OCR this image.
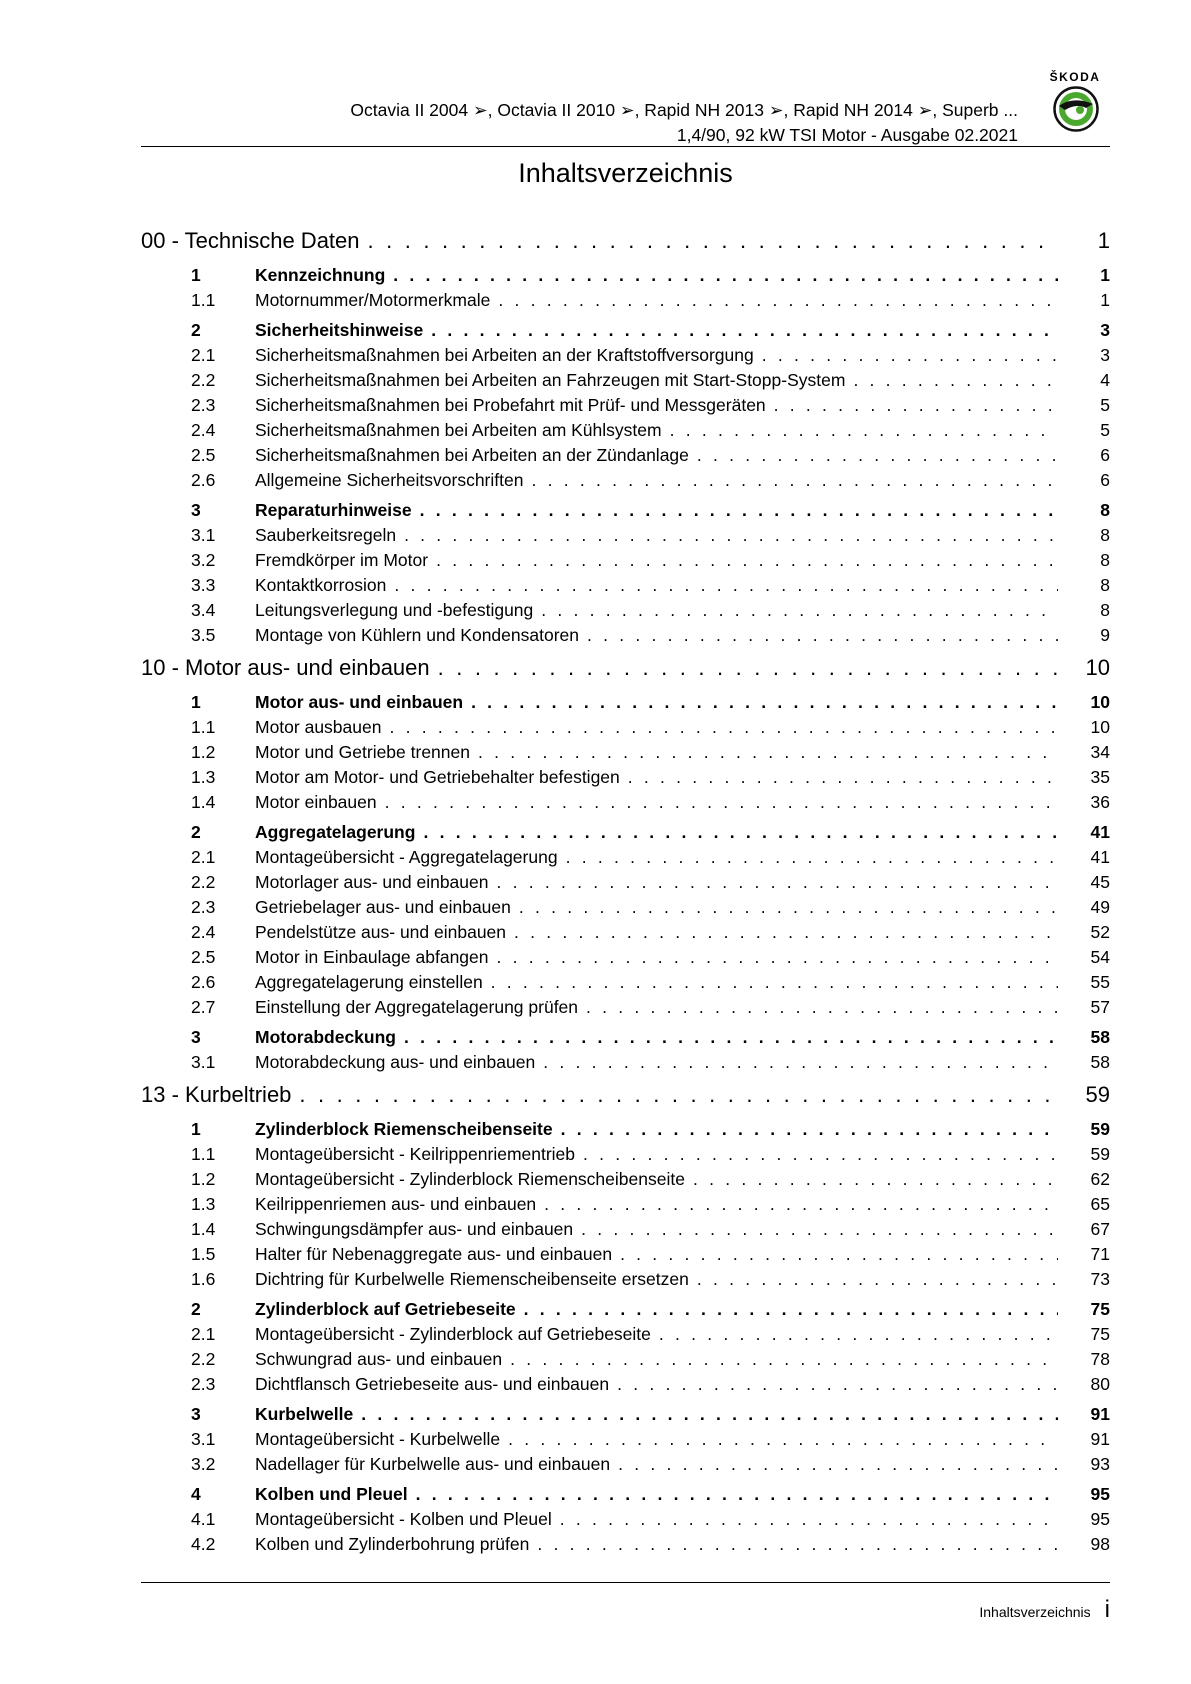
Octavia II 2004 ➢, Octavia II 2010 ➢, Rapid NH 2013 ➢, Rapid NH 2014 ➢, Superb ...
1,4/90, 92 kW TSI Motor - Ausgabe 02.2021
ŠKODA
Inhaltsverzeichnis
00 - Technische Daten . . .	1
1	Kennzeichnung . . .	1
1.1	Motornummer/Motormerkmale . . .	1
2	Sicherheitshinweise . . .	3
2.1	Sicherheitsmaßnahmen bei Arbeiten an der Kraftstoffversorgung . . .	3
2.2	Sicherheitsmaßnahmen bei Arbeiten an Fahrzeugen mit Start-Stopp-System . . .	4
2.3	Sicherheitsmaßnahmen bei Probefahrt mit Prüf- und Messgeräten . . .	5
2.4	Sicherheitsmaßnahmen bei Arbeiten am Kühlsystem . . .	5
2.5	Sicherheitsmaßnahmen bei Arbeiten an der Zündanlage . . .	6
2.6	Allgemeine Sicherheitsvorschriften . . .	6
3	Reparaturhinweise . . .	8
3.1	Sauberkeitsregeln . . .	8
3.2	Fremdkörper im Motor . . .	8
3.3	Kontaktkorrosion . . .	8
3.4	Leitungsverlegung und -befestigung . . .	8
3.5	Montage von Kühlern und Kondensatoren . . .	9
10 - Motor aus- und einbauen . . .	10
1	Motor aus- und einbauen . . .	10
1.1	Motor ausbauen . . .	10
1.2	Motor und Getriebe trennen . . .	34
1.3	Motor am Motor- und Getriebehalter befestigen . . .	35
1.4	Motor einbauen . . .	36
2	Aggregatelagerung . . .	41
2.1	Montageübersicht - Aggregatelagerung . . .	41
2.2	Motorlager aus- und einbauen . . .	45
2.3	Getriebelager aus- und einbauen . . .	49
2.4	Pendelstütze aus- und einbauen . . .	52
2.5	Motor in Einbaulage abfangen . . .	54
2.6	Aggregatelagerung einstellen . . .	55
2.7	Einstellung der Aggregatelagerung prüfen . . .	57
3	Motorabdeckung . . .	58
3.1	Motorabdeckung aus- und einbauen . . .	58
13 - Kurbeltrieb . . .	59
1	Zylinderblock Riemenscheibenseite . . .	59
1.1	Montageübersicht - Keilrippenriementrieb . . .	59
1.2	Montageübersicht - Zylinderblock Riemenscheibenseite . . .	62
1.3	Keilrippenriemen aus- und einbauen . . .	65
1.4	Schwingungsdämpfer aus- und einbauen . . .	67
1.5	Halter für Nebenaggregate aus- und einbauen . . .	71
1.6	Dichtring für Kurbelwelle Riemenscheibenseite ersetzen . . .	73
2	Zylinderblock auf Getriebeseite . . .	75
2.1	Montageübersicht - Zylinderblock auf Getriebeseite . . .	75
2.2	Schwungrad aus- und einbauen . . .	78
2.3	Dichtflansch Getriebeseite aus- und einbauen . . .	80
3	Kurbelwelle . . .	91
3.1	Montageübersicht - Kurbelwelle . . .	91
3.2	Nadellager für Kurbelwelle aus- und einbauen . . .	93
4	Kolben und Pleuel . . .	95
4.1	Montageübersicht - Kolben und Pleuel . . .	95
4.2	Kolben und Zylinderbohrung prüfen . . .	98
Inhaltsverzeichnis i
